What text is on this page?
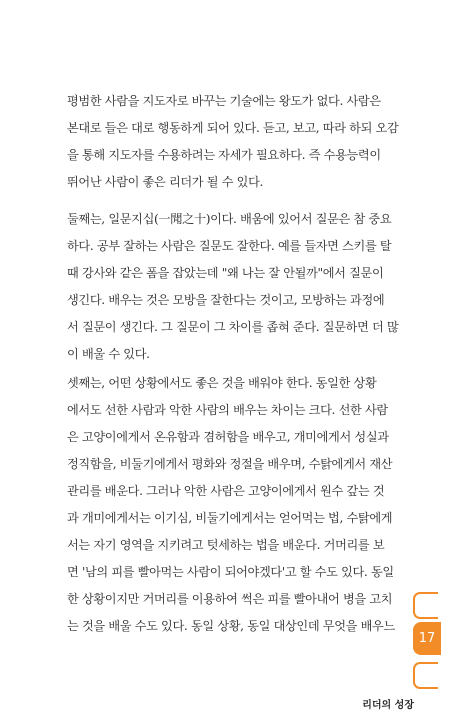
평범한 사람을 지도자로 바꾸는 기술에는 왕도가 없다. 사람은
본대로 들은 대로 행동하게 되어 있다. 듣고, 보고, 따라 하되 오감
을 통해 지도자를 수용하려는 자세가 필요하다. 즉 수용능력이
뛰어난 사람이 좋은 리더가 될 수 있다.
둘째는, 일문지십(一聞之十)이다. 배움에 있어서 질문은 참 중요
하다. 공부 잘하는 사람은 질문도 잘한다. 예를 들자면 스키를 탈
때 강사와 같은 폼을 잡았는데 "왜 나는 잘 안될까"에서 질문이
생긴다. 배우는 것은 모방을 잘한다는 것이고, 모방하는 과정에
서 질문이 생긴다. 그 질문이 그 차이를 좁혀 준다. 질문하면 더 많
이 배울 수 있다.
셋째는, 어떤 상황에서도 좋은 것을 배워야 한다. 동일한 상황
에서도 선한 사람과 악한 사람의 배우는 차이는 크다. 선한 사람
은 고양이에게서 온유함과 겸허함을 배우고, 개미에게서 성실과
정직함을, 비둘기에게서 평화와 정절을 배우며, 수탉에게서 재산
관리를 배운다. 그러나 악한 사람은 고양이에게서 원수 갚는 것
과 개미에게서는 이기심, 비둘기에게서는 얻어먹는 법, 수탉에게
서는 자기 영역을 지키려고 텃세하는 법을 배운다. 거머리를 보
면 '남의 피를 빨아먹는 사람이 되어야겠다'고 할 수도 있다. 동일
한 상황이지만 거머리를 이용하여 썩은 피를 빨아내어 병을 고치
는 것을 배울 수도 있다. 동일 상황, 동일 대상인데 무엇을 배우느
17
리더의 성장
